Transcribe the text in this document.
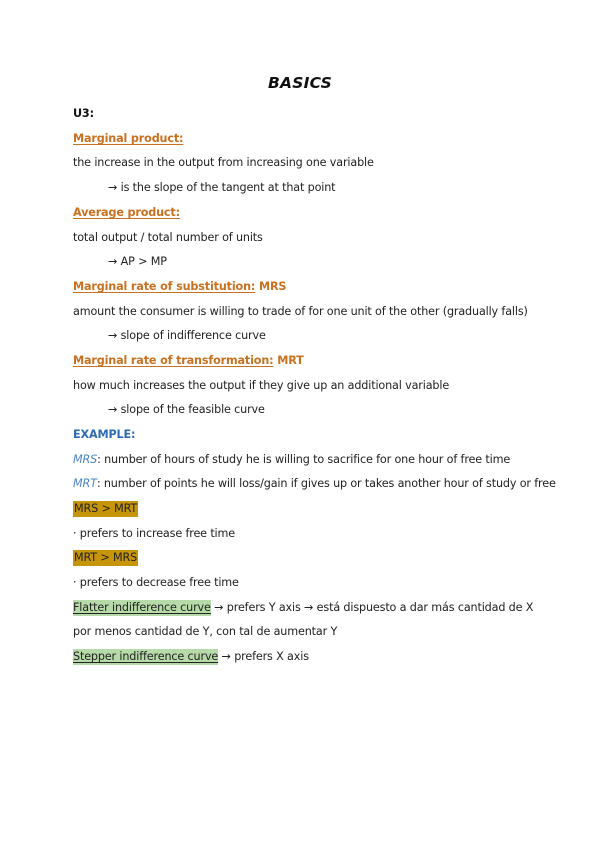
BASICS
U3:
Marginal product:
the increase in the output from increasing one variable
→ is the slope of the tangent at that point
Average product:
total output / total number of units
→ AP > MP
Marginal rate of substitution: MRS
amount the consumer is willing to trade of for one unit of the other (gradually falls)
→ slope of indifference curve
Marginal rate of transformation: MRT
how much increases the output if they give up an additional variable
→ slope of the feasible curve
EXAMPLE:
MRS: number of hours of study he is willing to sacrifice for one hour of free time
MRT: number of points he will loss/gain if gives up or takes another hour of study or free
MRS > MRT
· prefers to increase free time
MRT > MRS
· prefers to decrease free time
Flatter indifference curve → prefers Y axis → está dispuesto a dar más cantidad de X
por menos cantidad de Y, con tal de aumentar Y
Stepper indifference curve → prefers X axis
